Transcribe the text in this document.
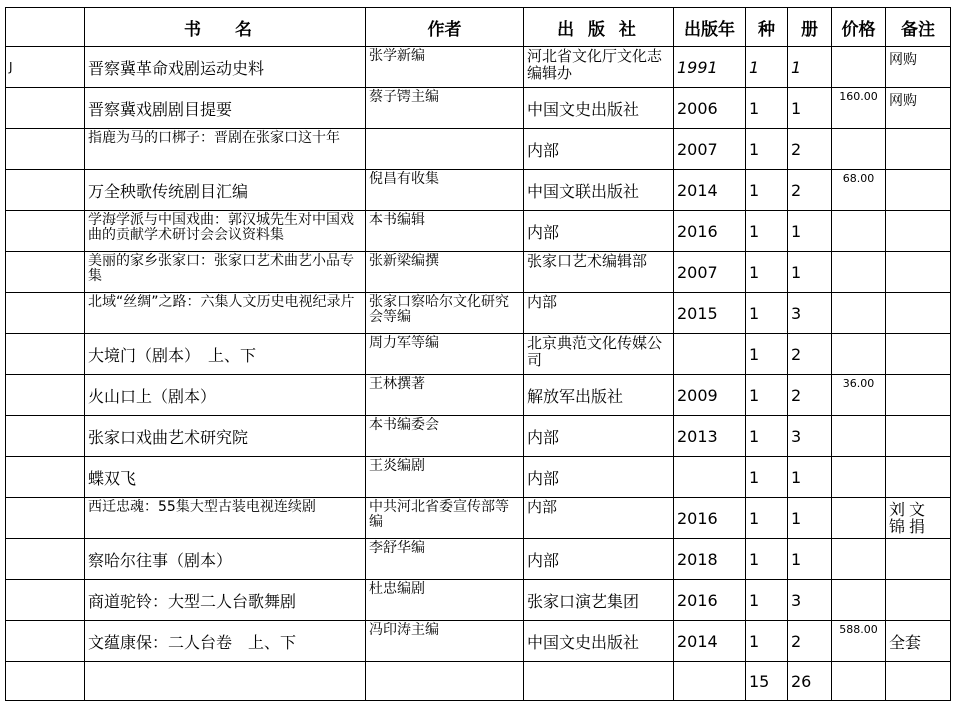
	书 名	作者	出 版 社	出版年	种	册	价格	备注
J	晋察冀革命戏剧运动史料	张学新编	河北省文化厅文化志编辑办	1991	1	1		网购
	晋察冀戏剧剧目提要	蔡子锷主编	中国文史出版社	2006	1	1	160.00	网购
	指鹿为马的口梆子：晋剧在张家口这十年		内部	2007	1	2		
	万全秧歌传统剧目汇编	倪昌有收集	中国文联出版社	2014	1	2	68.00	
	学海学派与中国戏曲：郭汉城先生对中国戏曲的贡献学术研讨会会议资料集	本书编辑	内部	2016	1	1		
	美丽的家乡张家口：张家口艺术曲艺小品专集	张新梁编撰	张家口艺术编辑部	2007	1	1		
	北域“丝绸”之路：六集人文历史电视纪录片	张家口察哈尔文化研究会等编	内部	2015	1	3		
	大境门（剧本）　上、下	周力军等编	北京典范文化传媒公司		1	2		
	火山口上（剧本）	王林撰著	解放军出版社	2009	1	2	36.00	
	张家口戏曲艺术研究院	本书编委会	内部	2013	1	3		
	蝶双飞	王炎编剧	内部		1	1		
	西迁忠魂：55集大型古装电视连续剧	中共河北省委宣传部等编	内部	2016	1	1		刘文锦捐
	察哈尔往事（剧本）	李舒华编	内部	2018	1	1		
	商道驼铃：大型二人台歌舞剧	杜忠编剧	张家口演艺集团	2016	1	3		
	文蕴康保：二人台卷　上、下	冯印涛主编	中国文史出版社	2014	1	2	588.00	全套
					15	26		
